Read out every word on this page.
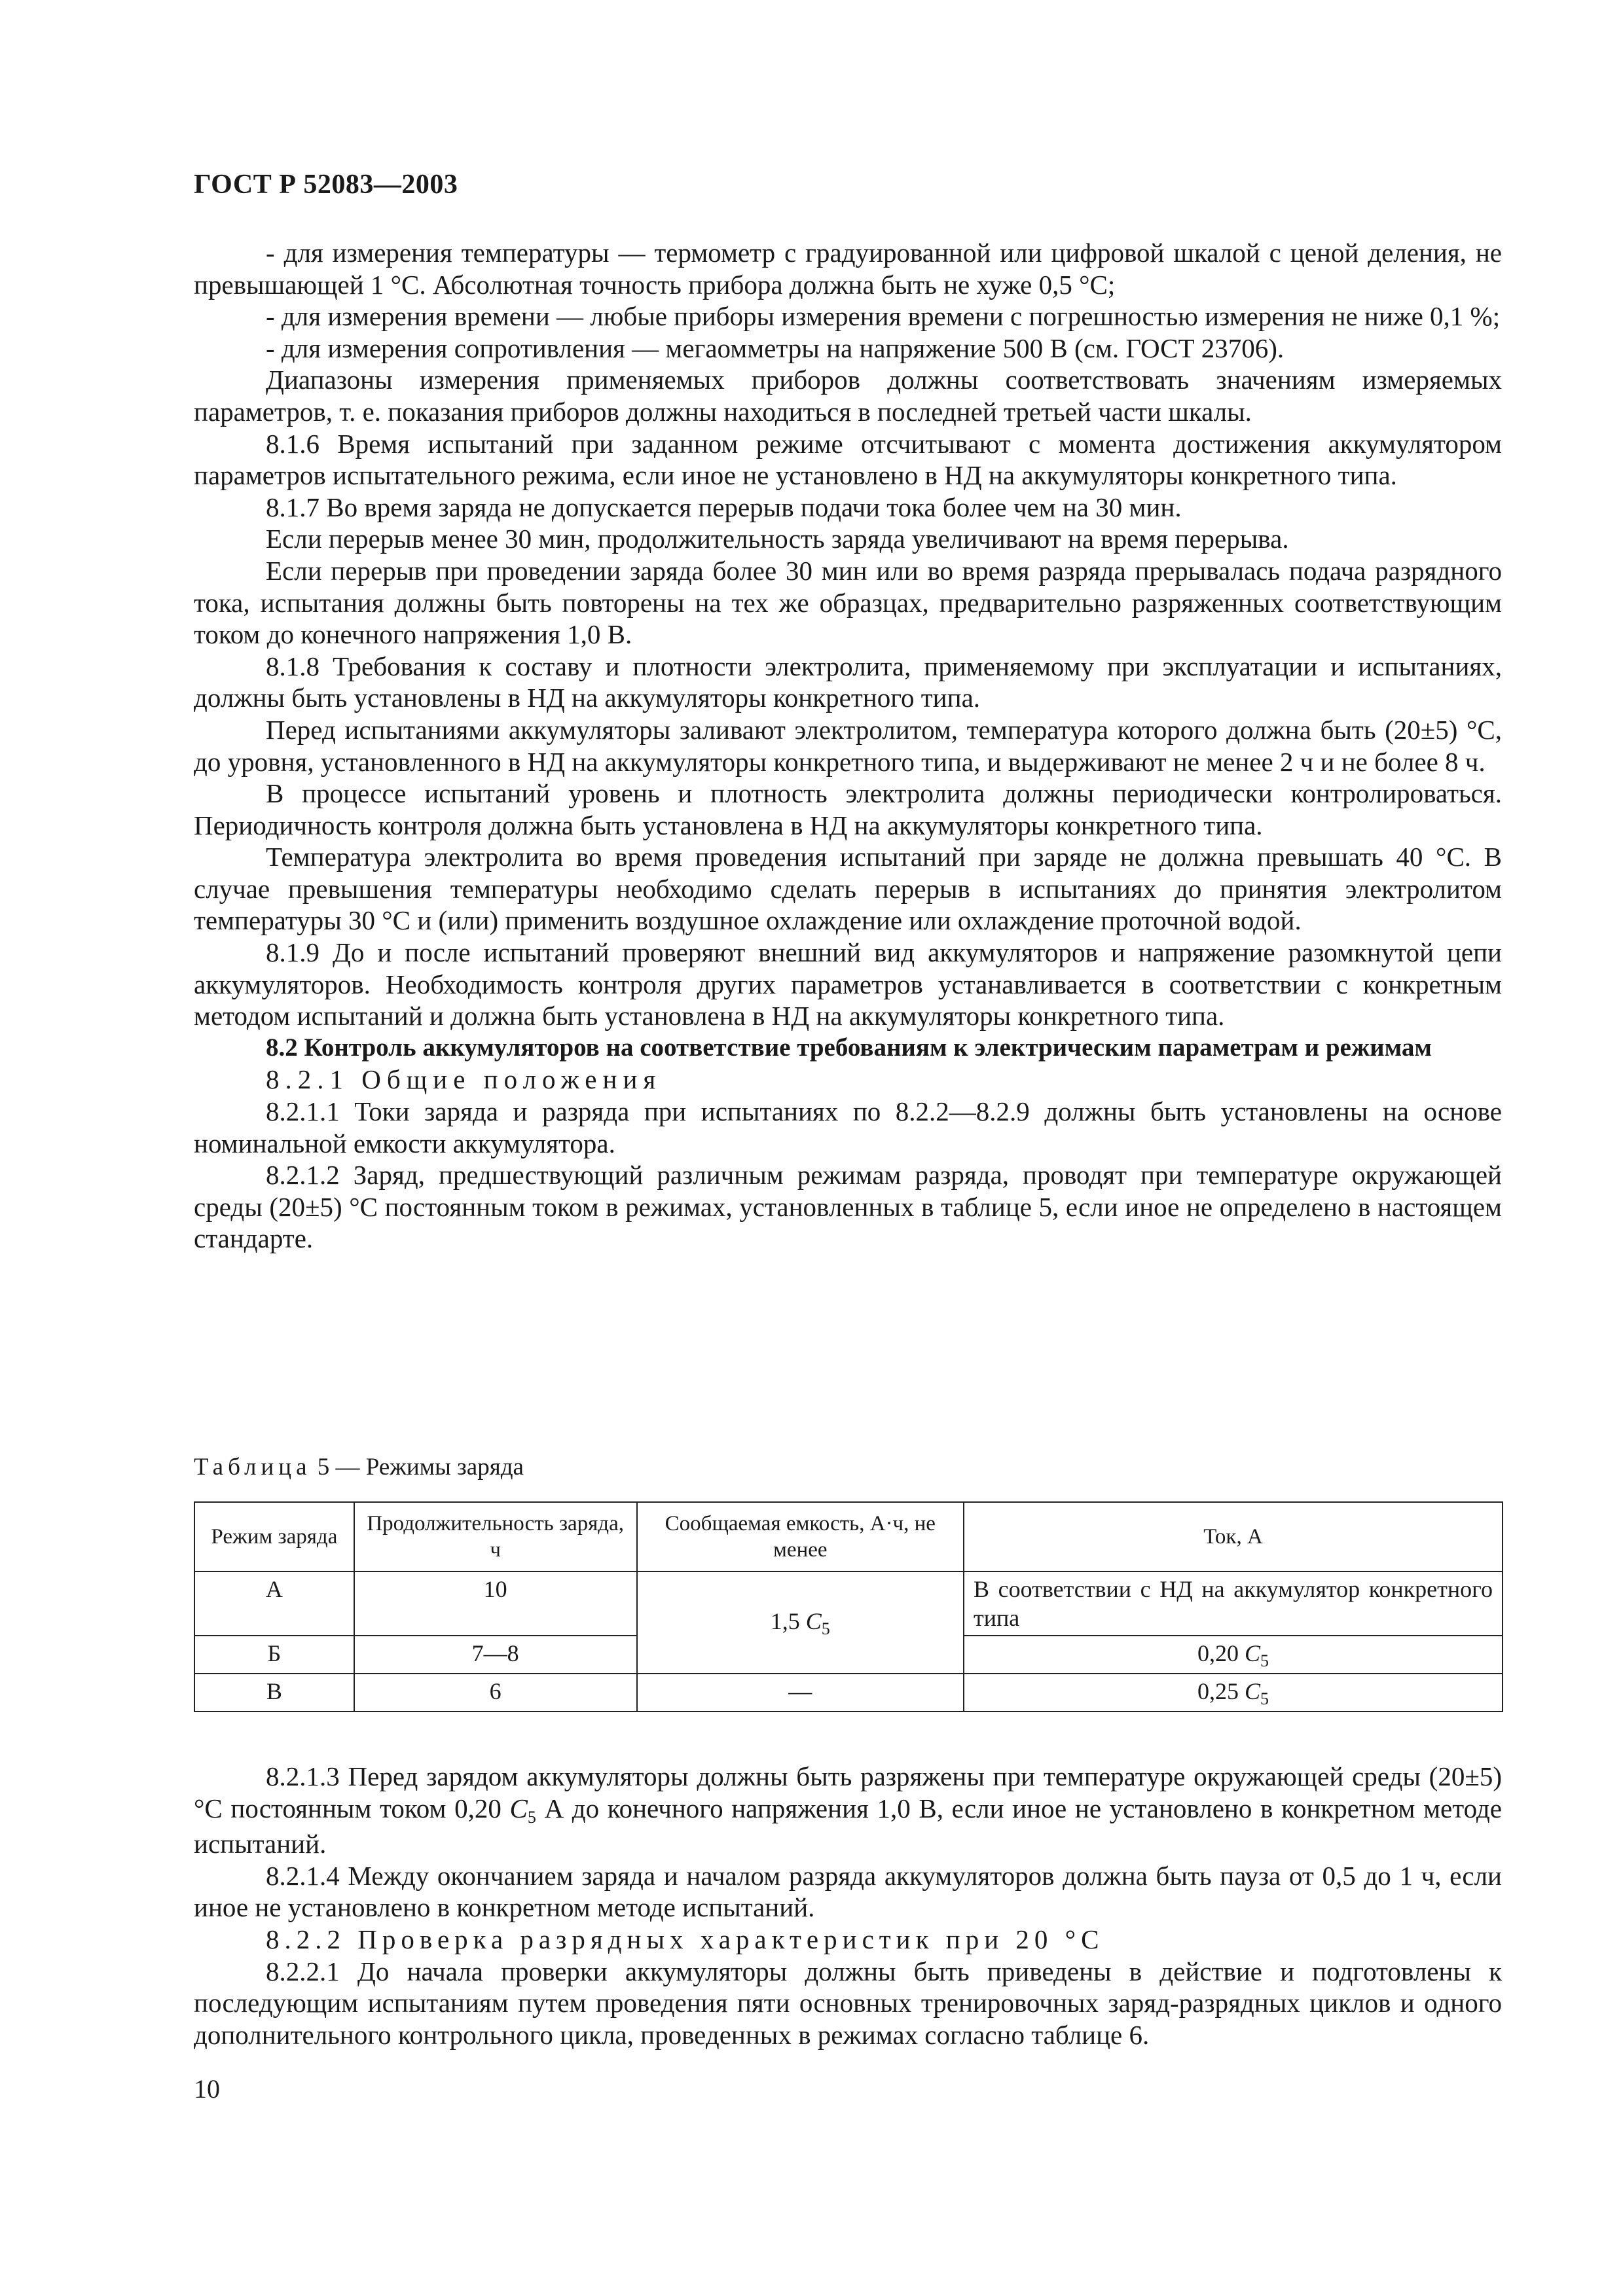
ГОСТ Р 52083—2003

- для измерения температуры — термометр с градуированной или цифровой шкалой с ценой деления, не превышающей 1 °С. Абсолютная точность прибора должна быть не хуже 0,5 °С;

- для измерения времени — любые приборы измерения времени с погрешностью измерения не ниже 0,1 %;

- для измерения сопротивления — мегаомметры на напряжение 500 В (см. ГОСТ 23706).

Диапазоны измерения применяемых приборов должны соответствовать значениям измеряемых параметров, т. е. показания приборов должны находиться в последней третьей части шкалы.

8.1.6 Время испытаний при заданном режиме отсчитывают с момента достижения аккумулятором параметров испытательного режима, если иное не установлено в НД на аккумуляторы конкретного типа.

8.1.7 Во время заряда не допускается перерыв подачи тока более чем на 30 мин.

Если перерыв менее 30 мин, продолжительность заряда увеличивают на время перерыва.

Если перерыв при проведении заряда более 30 мин или во время разряда прерывалась подача разрядного тока, испытания должны быть повторены на тех же образцах, предварительно разряженных соответствующим током до конечного напряжения 1,0 В.

8.1.8 Требования к составу и плотности электролита, применяемому при эксплуатации и испытаниях, должны быть установлены в НД на аккумуляторы конкретного типа.

Перед испытаниями аккумуляторы заливают электролитом, температура которого должна быть (20±5) °С, до уровня, установленного в НД на аккумуляторы конкретного типа, и выдерживают не менее 2 ч и не более 8 ч.

В процессе испытаний уровень и плотность электролита должны периодически контролироваться. Периодичность контроля должна быть установлена в НД на аккумуляторы конкретного типа.

Температура электролита во время проведения испытаний при заряде не должна превышать 40 °С. В случае превышения температуры необходимо сделать перерыв в испытаниях до принятия электролитом температуры 30 °С и (или) применить воздушное охлаждение или охлаждение проточной водой.

8.1.9 До и после испытаний проверяют внешний вид аккумуляторов и напряжение разомкнутой цепи аккумуляторов. Необходимость контроля других параметров устанавливается в соответствии с конкретным методом испытаний и должна быть установлена в НД на аккумуляторы конкретного типа.

8.2 Контроль аккумуляторов на соответствие требованиям к электрическим параметрам и режимам

8.2.1 Общие положения

8.2.1.1 Токи заряда и разряда при испытаниях по 8.2.2—8.2.9 должны быть установлены на основе номинальной емкости аккумулятора.

8.2.1.2 Заряд, предшествующий различным режимам разряда, проводят при температуре окружающей среды (20±5) °С постоянным током в режимах, установленных в таблице 5, если иное не определено в настоящем стандарте.

Таблица 5 — Режимы заряда
Режим заряда	Продолжительность заряда, ч	Сообщаемая емкость, А·ч, не менее	Ток, А
А	10	1,5 $C_5$	В соответствии с НД на аккумулятор конкретного типа
Б	7—8		0,20 $C_5$
В	6	—	0,25 $C_5$

8.2.1.3 Перед зарядом аккумуляторы должны быть разряжены при температуре окружающей среды (20±5) °С постоянным током 0,20 C5 А до конечного напряжения 1,0 В, если иное не установлено в конкретном методе испытаний.

8.2.1.4 Между окончанием заряда и началом разряда аккумуляторов должна быть пауза от 0,5 до 1 ч, если иное не установлено в конкретном методе испытаний.

8.2.2 Проверка разрядных характеристик при 20 °С

8.2.2.1 До начала проверки аккумуляторы должны быть приведены в действие и подготовлены к последующим испытаниям путем проведения пяти основных тренировочных заряд-разрядных циклов и одного дополнительного контрольного цикла, проведенных в режимах согласно таблице 6.

10
